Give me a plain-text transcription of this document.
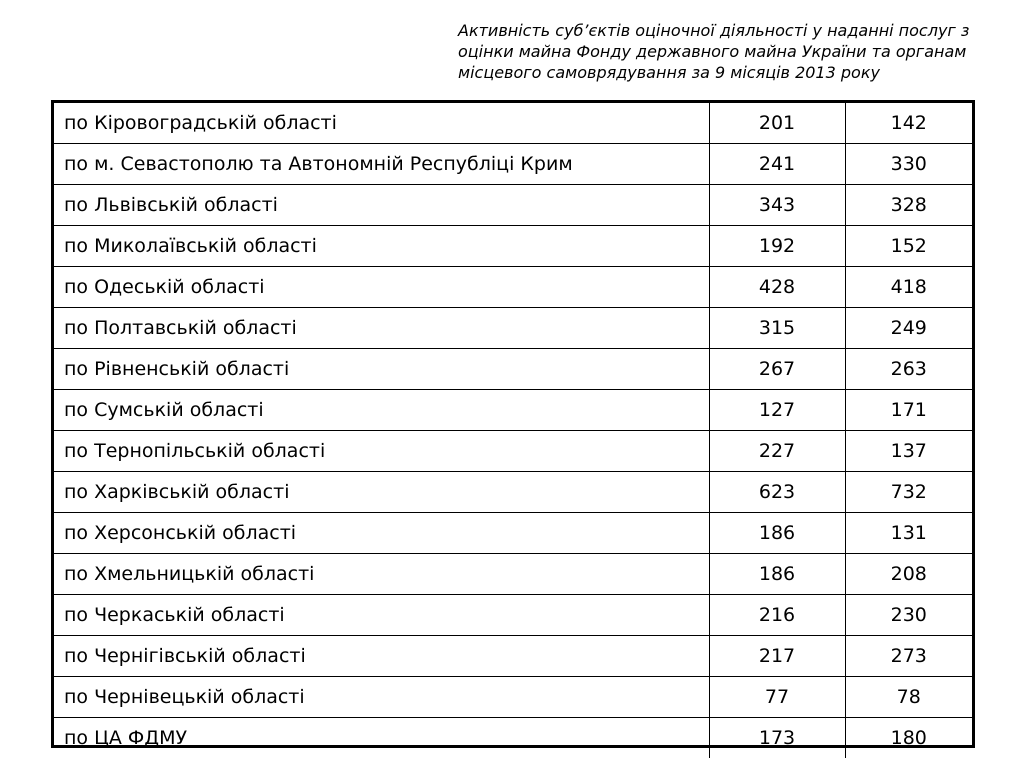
Активність суб’єктів оціночної діяльності у наданні послуг з
оцінки майна Фонду державного майна України та органам
місцевого самоврядування за 9 місяців 2013 року
по Кіровоградській області	201	142
по м. Севастополю та Автономній Республіці Крим	241	330
по Львівській області	343	328
по Миколаївській області	192	152
по Одеській області	428	418
по Полтавській області	315	249
по Рівненській області	267	263
по Сумській області	127	171
по Тернопільській області	227	137
по Харківській області	623	732
по Херсонській області	186	131
по Хмельницькій області	186	208
по Черкаській області	216	230
по Чернігівській області	217	273
по Чернівецькій області	77	78
по ЦА ФДМУ	173	180
